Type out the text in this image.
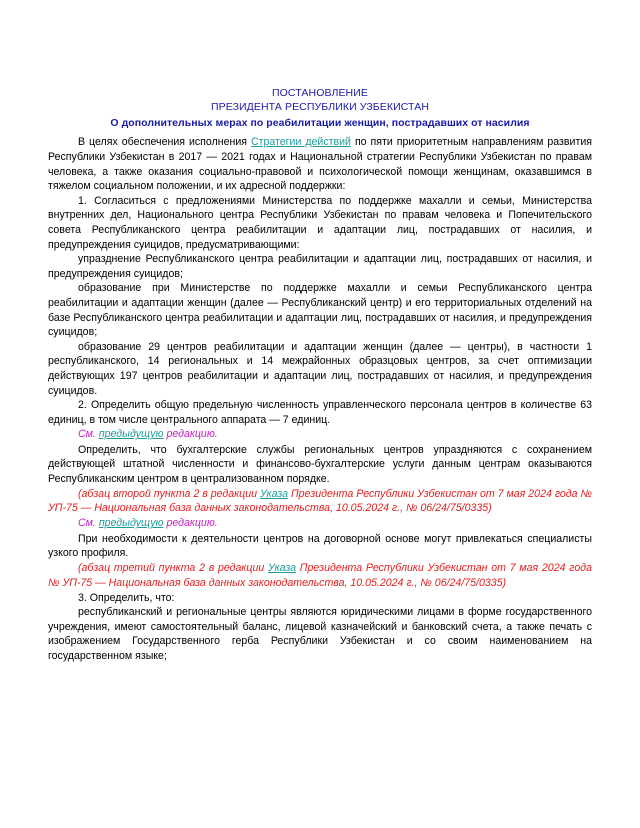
ПОСТАНОВЛЕНИЕ
ПРЕЗИДЕНТА РЕСПУБЛИКИ УЗБЕКИСТАН
О дополнительных мерах по реабилитации женщин, пострадавших от насилия

В целях обеспечения исполнения Стратегии действий по пяти приоритетным направлениям развития Республики Узбекистан в 2017 — 2021 годах и Национальной стратегии Республики Узбекистан по правам человека, а также оказания социально-правовой и психологической помощи женщинам, оказавшимся в тяжелом социальном положении, и их адресной поддержки:

1. Согласиться с предложениями Министерства по поддержке махалли и семьи, Министерства внутренних дел, Национального центра Республики Узбекистан по правам человека и Попечительского совета Республиканского центра реабилитации и адаптации лиц, пострадавших от насилия, и предупреждения суицидов, предусматривающими:

упразднение Республиканского центра реабилитации и адаптации лиц, пострадавших от насилия, и предупреждения суицидов;

образование при Министерстве по поддержке махалли и семьи Республиканского центра реабилитации и адаптации женщин (далее — Республиканский центр) и его территориальных отделений на базе Республиканского центра реабилитации и адаптации лиц, пострадавших от насилия, и предупреждения суицидов;

образование 29 центров реабилитации и адаптации женщин (далее — центры), в частности 1 республиканского, 14 региональных и 14 межрайонных образцовых центров, за счет оптимизации действующих 197 центров реабилитации и адаптации лиц, пострадавших от насилия, и предупреждения суицидов.

2. Определить общую предельную численность управленческого персонала центров в количестве 63 единиц, в том числе центрального аппарата — 7 единиц.

См. предыдущую редакцию.

Определить, что бухгалтерские службы региональных центров упраздняются с сохранением действующей штатной численности и финансово-бухгалтерские услуги данным центрам оказываются Республиканским центром в централизованном порядке.

(абзац второй пункта 2 в редакции Указа Президента Республики Узбекистан от 7 мая 2024 года № УП-75 — Национальная база данных законодательства, 10.05.2024 г., № 06/24/75/0335)

См. предыдущую редакцию.

При необходимости к деятельности центров на договорной основе могут привлекаться специалисты узкого профиля.

(абзац третий пункта 2 в редакции Указа Президента Республики Узбекистан от 7 мая 2024 года № УП-75 — Национальная база данных законодательства, 10.05.2024 г., № 06/24/75/0335)

3. Определить, что:

республиканский и региональные центры являются юридическими лицами в форме государственного учреждения, имеют самостоятельный баланс, лицевой казначейский и банковский счета, а также печать с изображением Государственного герба Республики Узбекистан и со своим наименованием на государственном языке;
